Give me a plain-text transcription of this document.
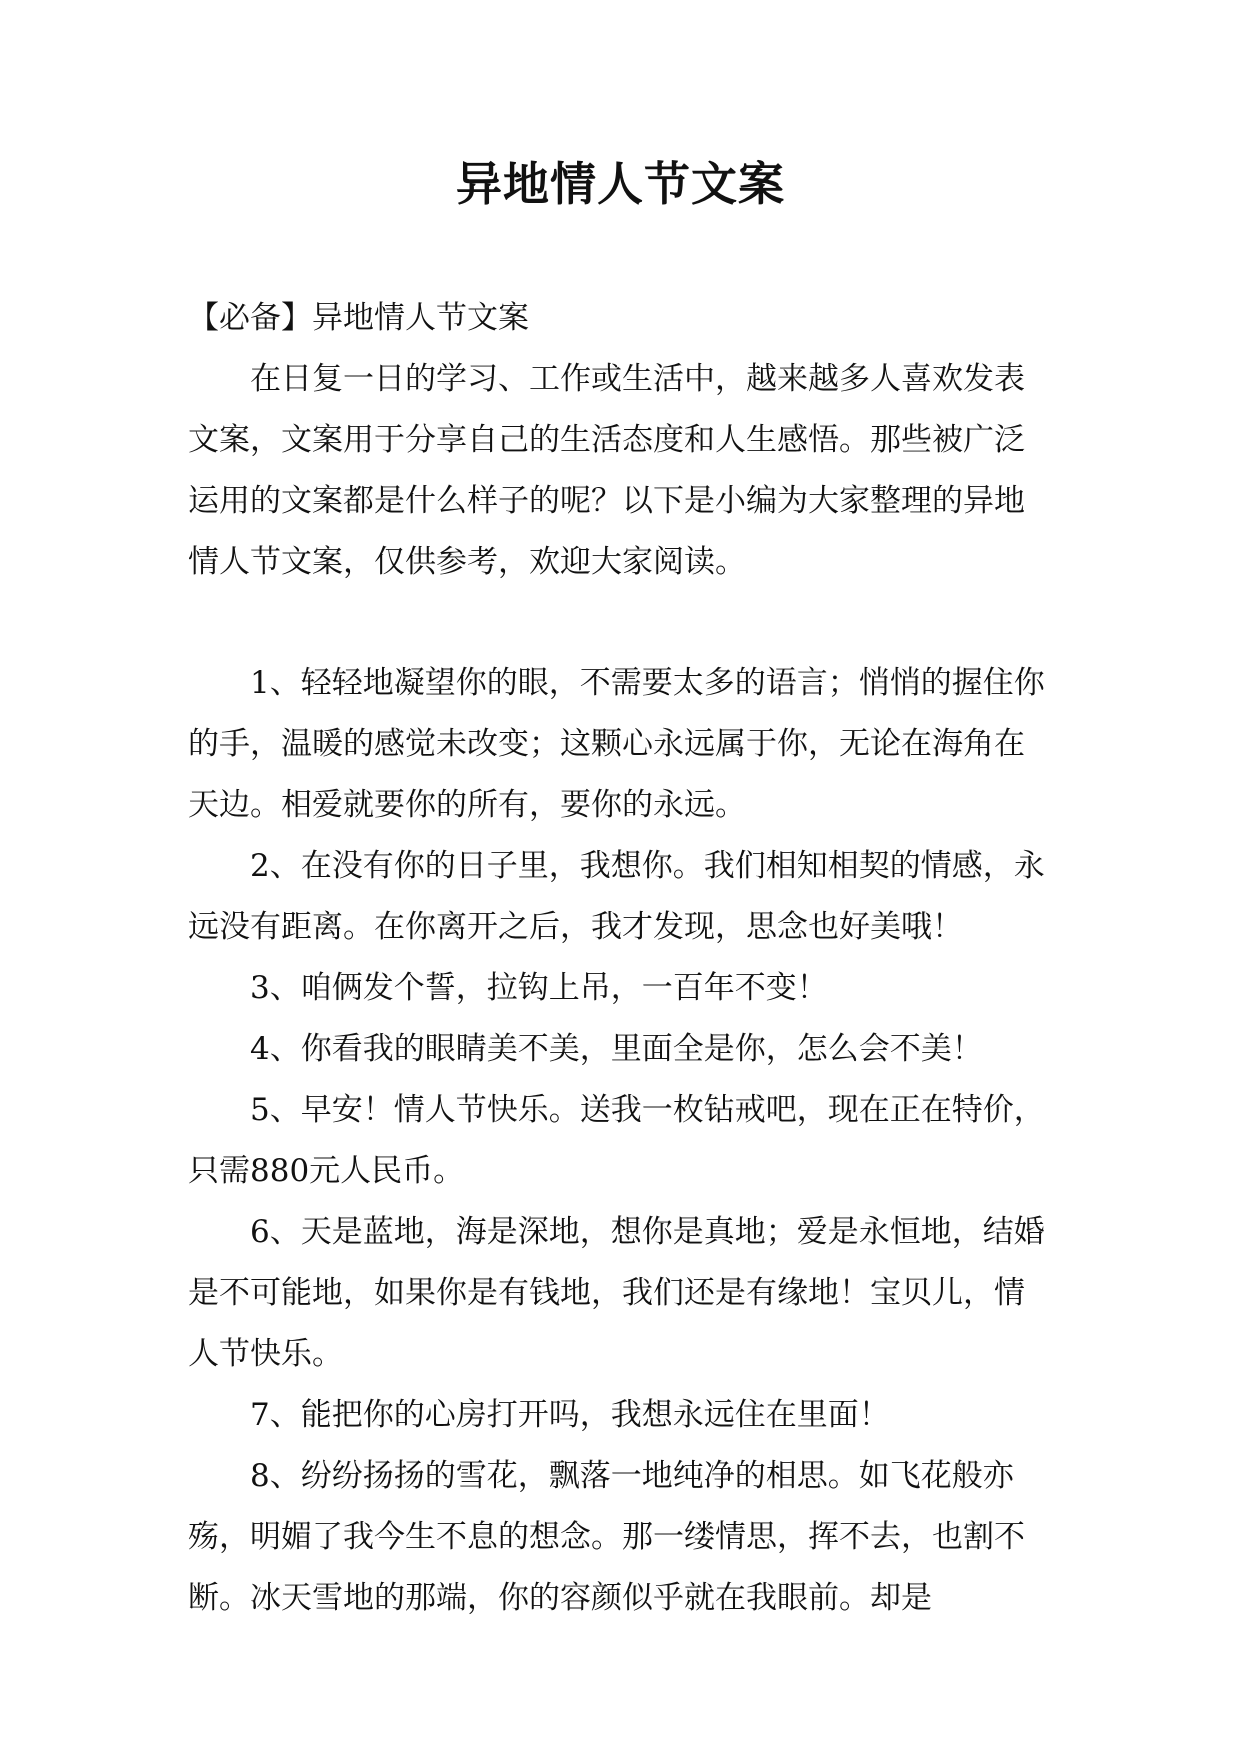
异地情人节文案

【必备】异地情人节文案

在日复一日的学习、工作或生活中，越来越多人喜欢发表文案，文案用于分享自己的生活态度和人生感悟。那些被广泛运用的文案都是什么样子的呢？以下是小编为大家整理的异地情人节文案，仅供参考，欢迎大家阅读。

1、轻轻地凝望你的眼，不需要太多的语言；悄悄的握住你的手，温暖的感觉未改变；这颗心永远属于你，无论在海角在天边。相爱就要你的所有，要你的永远。

2、在没有你的日子里，我想你。我们相知相契的情感，永远没有距离。在你离开之后，我才发现，思念也好美哦！

3、咱俩发个誓，拉钩上吊，一百年不变！

4、你看我的眼睛美不美，里面全是你，怎么会不美！

5、早安！情人节快乐。送我一枚钻戒吧，现在正在特价，只需880元人民币。

6、天是蓝地，海是深地，想你是真地；爱是永恒地，结婚是不可能地，如果你是有钱地，我们还是有缘地！宝贝儿，情人节快乐。

7、能把你的心房打开吗，我想永远住在里面！

8、纷纷扬扬的雪花，飘落一地纯净的相思。如飞花般亦殇，明媚了我今生不息的想念。那一缕情思，挥不去，也割不断。冰天雪地的那端，你的容颜似乎就在我眼前。却是
